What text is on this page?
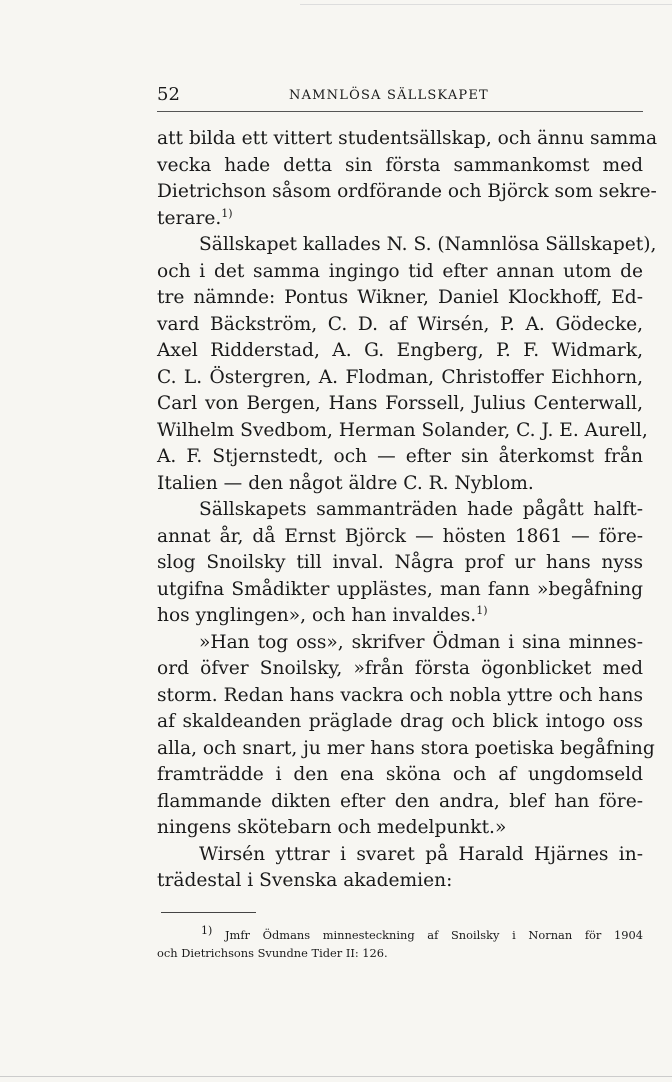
52	NAMNLÖSA SÄLLSKAPET
att bilda ett vittert studentsällskap, och ännu samma
vecka hade detta sin första sammankomst med
Dietrichson såsom ordförande och Björck som sekre-
terare.$^{1)}$
Sällskapet kallades N. S. (Namnlösa Sällskapet),
och i det samma ingingo tid efter annan utom de
tre nämnde: Pontus Wikner, Daniel Klockhoff, Ed-
vard Bäckström, C. D. af Wirsén, P. A. Gödecke,
Axel Ridderstad, A. G. Engberg, P. F. Widmark,
C. L. Östergren, A. Flodman, Christoffer Eichhorn,
Carl von Bergen, Hans Forssell, Julius Centerwall,
Wilhelm Svedbom, Herman Solander, C. J. E. Aurell,
A. F. Stjernstedt, och — efter sin återkomst från
Italien — den något äldre C. R. Nyblom.
Sällskapets sammanträden hade pågått halft-
annat år, då Ernst Björck — hösten 1861 — före-
slog Snoilsky till inval. Några prof ur hans nyss
utgifna Smådikter upplästes, man fann »begåfning
hos ynglingen», och han invaldes.$^{1)}$
»Han tog oss», skrifver Ödman i sina minnes-
ord öfver Snoilsky, »från första ögonblicket med
storm. Redan hans vackra och nobla yttre och hans
af skaldeanden präglade drag och blick intogo oss
alla, och snart, ju mer hans stora poetiska begåfning
framträdde i den ena sköna och af ungdomseld
flammande dikten efter den andra, blef han före-
ningens skötebarn och medelpunkt.»
Wirsén yttrar i svaret på Harald Hjärnes in-
trädestal i Svenska akademien:
1) Jmfr Ödmans minnesteckning af Snoilsky i Nornan för 1904
och Dietrichsons Svundne Tider II: 126.
